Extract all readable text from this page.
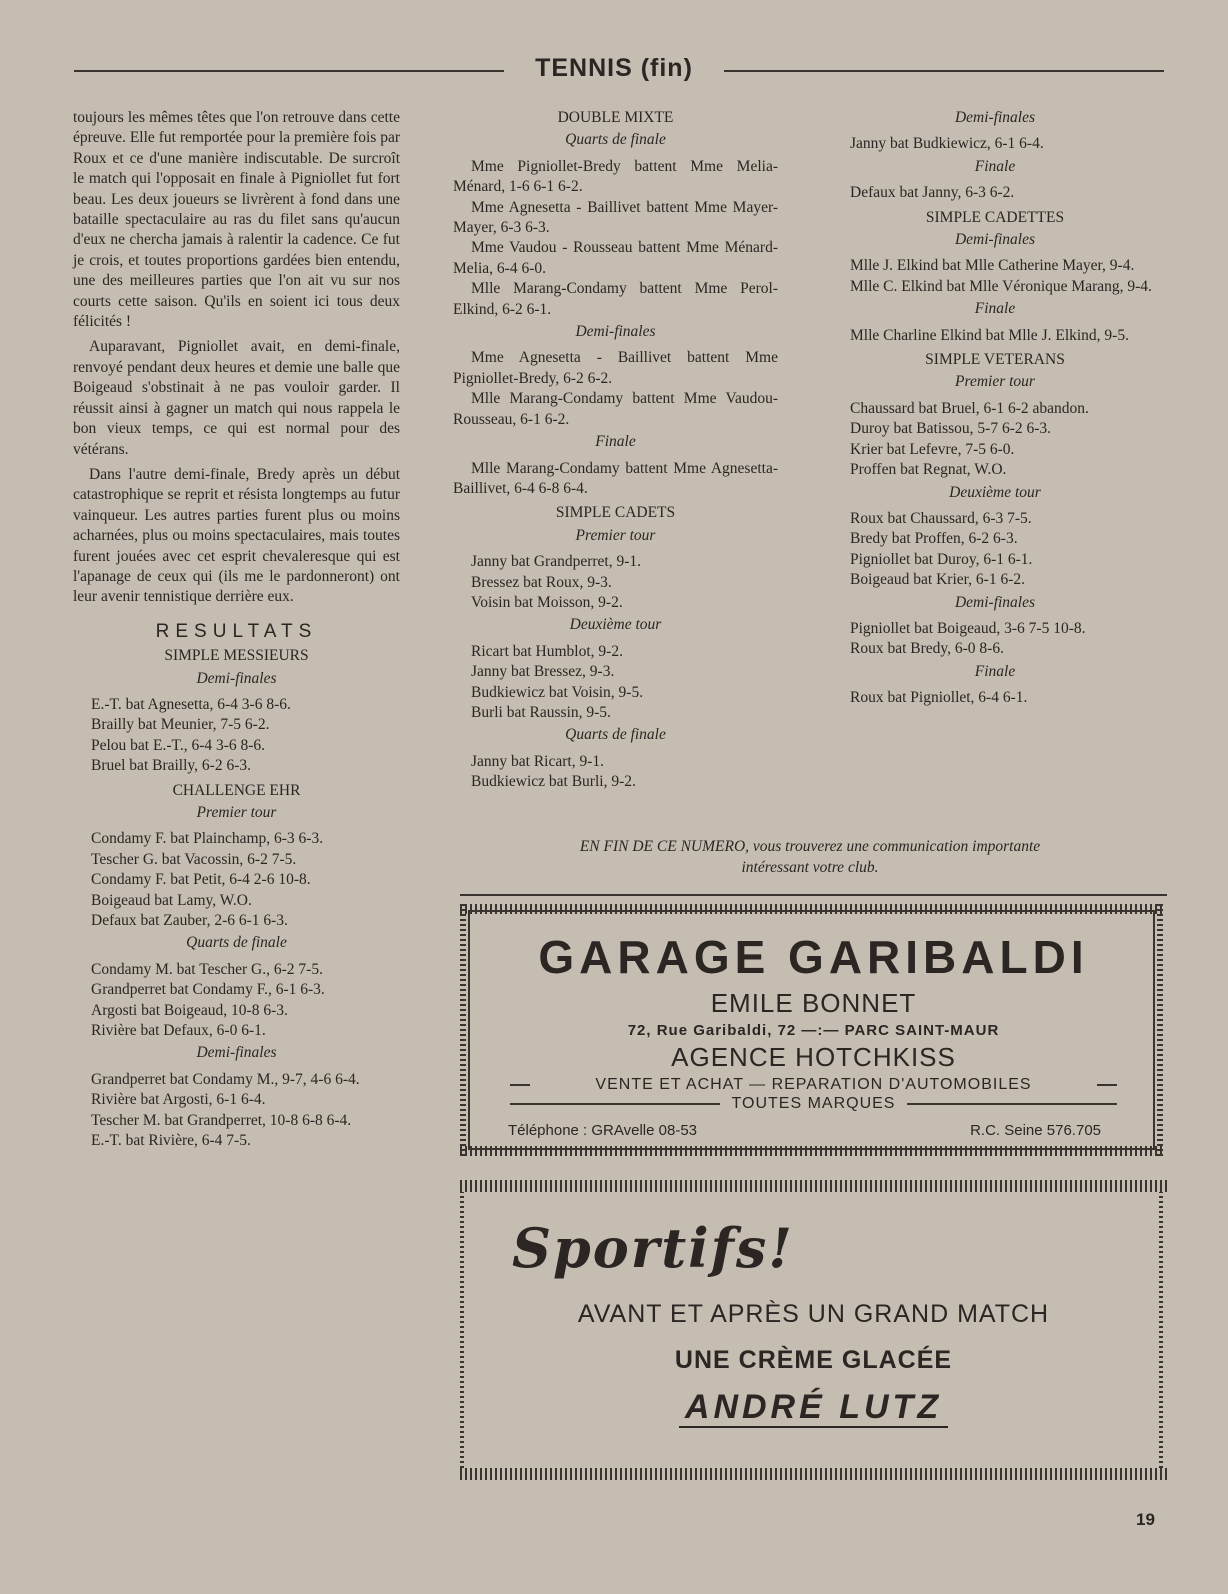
TENNIS (fin)

toujours les mêmes têtes que l'on retrouve dans cette épreuve. Elle fut remportée pour la première fois par Roux et ce d'une manière indiscutable. De surcroît le match qui l'opposait en finale à Pigniollet fut fort beau. Les deux joueurs se livrèrent à fond dans une bataille spectaculaire au ras du filet sans qu'aucun d'eux ne chercha jamais à ralentir la cadence. Ce fut je crois, et toutes proportions gardées bien entendu, une des meilleures parties que l'on ait vu sur nos courts cette saison. Qu'ils en soient ici tous deux félicités !

Auparavant, Pigniollet avait, en demi-finale, renvoyé pendant deux heures et demie une balle que Boigeaud s'obstinait à ne pas vouloir garder. Il réussit ainsi à gagner un match qui nous rappela le bon vieux temps, ce qui est normal pour des vétérans.

Dans l'autre demi-finale, Bredy après un début catastrophique se reprit et résista longtemps au futur vainqueur. Les autres parties furent plus ou moins acharnées, plus ou moins spectaculaires, mais toutes furent jouées avec cet esprit chevaleresque qui est l'apanage de ceux qui (ils me le pardonneront) ont leur avenir tennistique derrière eux.

RESULTATS
SIMPLE MESSIEURS
Demi-finales

E.-T. bat Agnesetta, 6-4 3-6 8-6.

Brailly bat Meunier, 7-5 6-2.

Pelou bat E.-T., 6-4 3-6 8-6.

Bruel bat Brailly, 6-2 6-3.

CHALLENGE EHR
Premier tour

Condamy F. bat Plainchamp, 6-3 6-3.

Tescher G. bat Vacossin, 6-2 7-5.

Condamy F. bat Petit, 6-4 2-6 10-8.

Boigeaud bat Lamy, W.O.

Defaux bat Zauber, 2-6 6-1 6-3.

Quarts de finale

Condamy M. bat Tescher G., 6-2 7-5.

Grandperret bat Condamy F., 6-1 6-3.

Argosti bat Boigeaud, 10-8 6-3.

Rivière bat Defaux, 6-0 6-1.

Demi-finales

Grandperret bat Condamy M., 9-7, 4-6 6-4.

Rivière bat Argosti, 6-1 6-4.

Tescher M. bat Grandperret, 10-8 6-8 6-4.

E.-T. bat Rivière, 6-4 7-5.

DOUBLE MIXTE
Quarts de finale

Mme Pigniollet-Bredy battent Mme Melia-Ménard, 1-6 6-1 6-2.

Mme Agnesetta - Baillivet battent Mme Mayer-Mayer, 6-3 6-3.

Mme Vaudou - Rousseau battent Mme Ménard-Melia, 6-4 6-0.

Mlle Marang-Condamy battent Mme Perol-Elkind, 6-2 6-1.

Demi-finales

Mme Agnesetta - Baillivet battent Mme Pigniollet-Bredy, 6-2 6-2.

Mlle Marang-Condamy battent Mme Vaudou-Rousseau, 6-1 6-2.

Finale

Mlle Marang-Condamy battent Mme Agnesetta-Baillivet, 6-4 6-8 6-4.

SIMPLE CADETS
Premier tour

Janny bat Grandperret, 9-1.

Bressez bat Roux, 9-3.

Voisin bat Moisson, 9-2.

Deuxième tour

Ricart bat Humblot, 9-2.

Janny bat Bressez, 9-3.

Budkiewicz bat Voisin, 9-5.

Burli bat Raussin, 9-5.

Quarts de finale

Janny bat Ricart, 9-1.

Budkiewicz bat Burli, 9-2.

Demi-finales

Janny bat Budkiewicz, 6-1 6-4.

Finale

Defaux bat Janny, 6-3 6-2.

SIMPLE CADETTES
Demi-finales

Mlle J. Elkind bat Mlle Catherine Mayer, 9-4.

Mlle C. Elkind bat Mlle Véronique Marang, 9-4.

Finale

Mlle Charline Elkind bat Mlle J. Elkind, 9-5.

SIMPLE VETERANS
Premier tour

Chaussard bat Bruel, 6-1 6-2 abandon.

Duroy bat Batissou, 5-7 6-2 6-3.

Krier bat Lefevre, 7-5 6-0.

Proffen bat Regnat, W.O.

Deuxième tour

Roux bat Chaussard, 6-3 7-5.

Bredy bat Proffen, 6-2 6-3.

Pigniollet bat Duroy, 6-1 6-1.

Boigeaud bat Krier, 6-1 6-2.

Demi-finales

Pigniollet bat Boigeaud, 3-6 7-5 10-8.

Roux bat Bredy, 6-0 8-6.

Finale

Roux bat Pigniollet, 6-4 6-1.

EN FIN DE CE NUMERO, vous trouverez une communication importante
intéressant votre club.
GARAGE GARIBALDI
EMILE BONNET
72, Rue Garibaldi, 72 —:— PARC SAINT-MAUR
AGENCE HOTCHKISS
VENTE ET ACHAT — REPARATION D'AUTOMOBILES
TOUTES MARQUES
Téléphone : GRAvelle 08-53	R.C. Seine 576.705
Sportifs!
AVANT ET APRÈS UN GRAND MATCH
UNE CRÈME GLACÉE
ANDRÉ LUTZ
19
